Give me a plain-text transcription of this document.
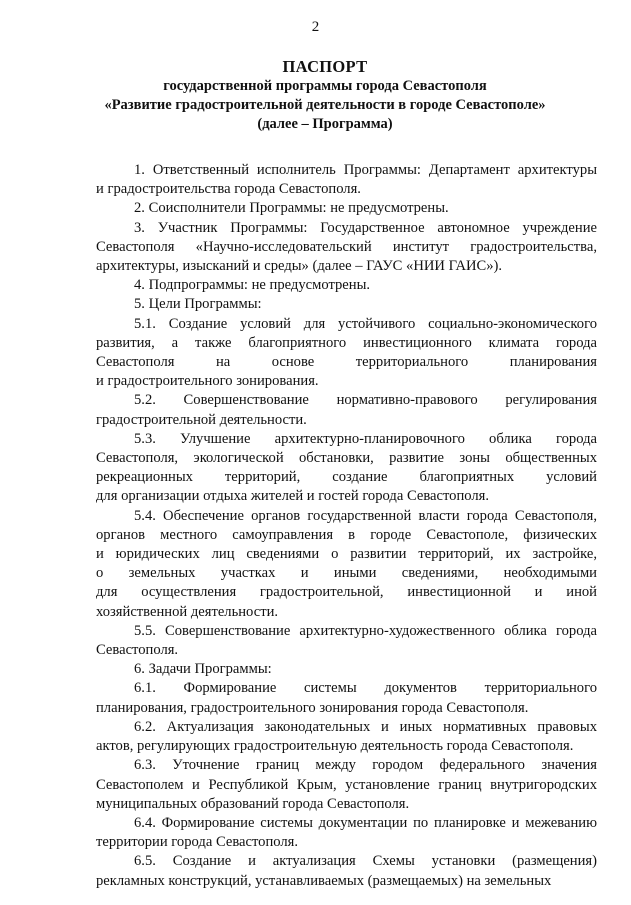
2
ПАСПОРТ
государственной программы города Севастополя
«Развитие градостроительной деятельности в городе Севастополе»
(далее – Программа)
1. Ответственный исполнитель Программы: Департамент архитектуры
и градостроительства города Севастополя.
2. Соисполнители Программы: не предусмотрены.
3. Участник Программы: Государственное автономное учреждение
Севастополя «Научно-исследовательский институт градостроительства,
архитектуры, изысканий и среды» (далее – ГАУС «НИИ ГАИС»).
4. Подпрограммы: не предусмотрены.
5. Цели Программы:
5.1. Создание условий для устойчивого социально-экономического
развития, а также благоприятного инвестиционного климата города
Севастополя на основе территориального планирования
и градостроительного зонирования.
5.2. Совершенствование нормативно-правового регулирования
градостроительной деятельности.
5.3. Улучшение архитектурно-планировочного облика города
Севастополя, экологической обстановки, развитие зоны общественных
рекреационных территорий, создание благоприятных условий
для организации отдыха жителей и гостей города Севастополя.
5.4. Обеспечение органов государственной власти города Севастополя,
органов местного самоуправления в городе Севастополе, физических
и юридических лиц сведениями о развитии территорий, их застройке,
о земельных участках и иными сведениями, необходимыми
для осуществления градостроительной, инвестиционной и иной
хозяйственной деятельности.
5.5. Совершенствование архитектурно-художественного облика города
Севастополя.
6. Задачи Программы:
6.1. Формирование системы документов территориального
планирования, градостроительного зонирования города Севастополя.
6.2. Актуализация законодательных и иных нормативных правовых
актов, регулирующих градостроительную деятельность города Севастополя.
6.3. Уточнение границ между городом федерального значения
Севастополем и Республикой Крым, установление границ внутригородских
муниципальных образований города Севастополя.
6.4. Формирование системы документации по планировке и межеванию
территории города Севастополя.
6.5. Создание и актуализация Схемы установки (размещения)
рекламных конструкций, устанавливаемых (размещаемых) на земельных
